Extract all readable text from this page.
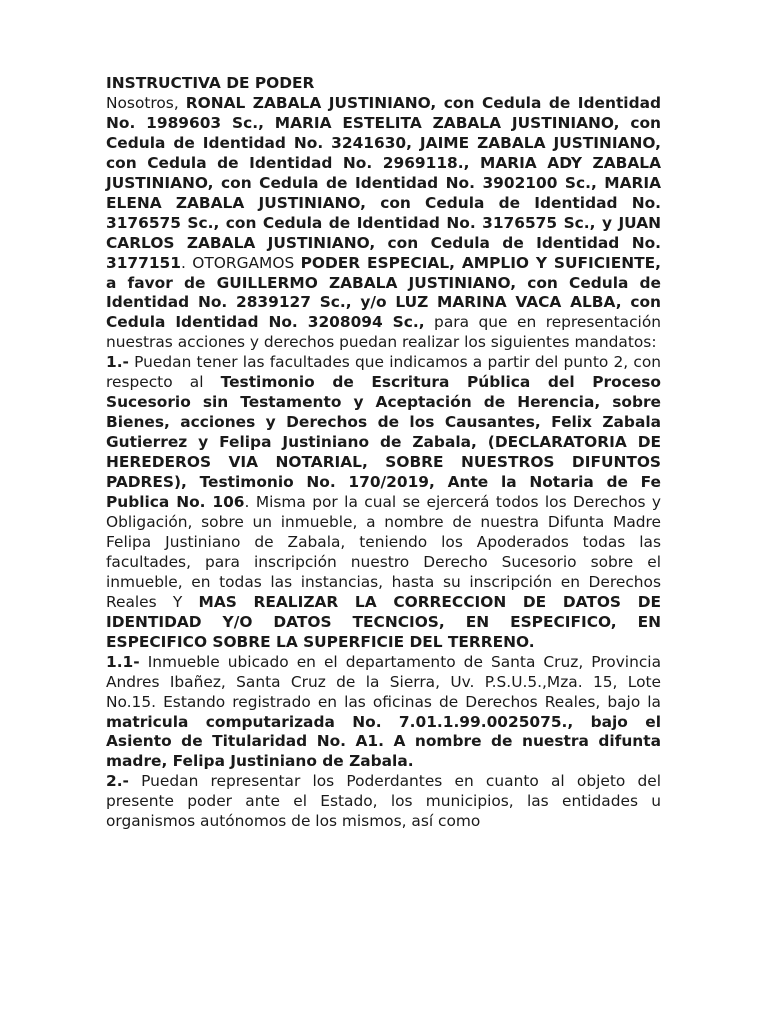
INSTRUCTIVA DE PODER

Nosotros, RONAL ZABALA JUSTINIANO, con Cedula de Identidad No. 1989603 Sc., MARIA ESTELITA ZABALA JUSTINIANO, con Cedula de Identidad No. 3241630, JAIME ZABALA JUSTINIANO, con Cedula de Identidad No. 2969118., MARIA ADY ZABALA JUSTINIANO, con Cedula de Identidad No. 3902100 Sc., MARIA ELENA ZABALA JUSTINIANO, con Cedula de Identidad No. 3176575 Sc., con Cedula de Identidad No. 3176575 Sc., y JUAN CARLOS ZABALA JUSTINIANO, con Cedula de Identidad No. 3177151. OTORGAMOS PODER ESPECIAL, AMPLIO Y SUFICIENTE, a favor de GUILLERMO ZABALA JUSTINIANO, con Cedula de Identidad No. 2839127 Sc., y/o LUZ MARINA VACA ALBA, con Cedula Identidad No. 3208094 Sc., para que en representación nuestras acciones y derechos puedan realizar los siguientes mandatos:

1.- Puedan tener las facultades que indicamos a partir del punto 2, con respecto al Testimonio de Escritura Pública del Proceso Sucesorio sin Testamento y Aceptación de Herencia, sobre Bienes, acciones y Derechos de los Causantes, Felix Zabala Gutierrez y Felipa Justiniano de Zabala, (DECLARATORIA DE HEREDEROS VIA NOTARIAL, SOBRE NUESTROS DIFUNTOS PADRES), Testimonio No. 170/2019, Ante la Notaria de Fe Publica No. 106. Misma por la cual se ejercerá todos los Derechos y Obligación, sobre un inmueble, a nombre de nuestra Difunta Madre Felipa Justiniano de Zabala, teniendo los Apoderados todas las facultades, para inscripción nuestro Derecho Sucesorio sobre el inmueble, en todas las instancias, hasta su inscripción en Derechos Reales Y MAS REALIZAR LA CORRECCION DE DATOS DE IDENTIDAD Y/O DATOS TECNCIOS, EN ESPECIFICO, EN ESPECIFICO SOBRE LA SUPERFICIE DEL TERRENO.

1.1- Inmueble ubicado en el departamento de Santa Cruz, Provincia Andres Ibañez, Santa Cruz de la Sierra, Uv. P.S.U.5.,Mza. 15, Lote No.15. Estando registrado en las oficinas de Derechos Reales, bajo la matricula computarizada No. 7.01.1.99.0025075., bajo el Asiento de Titularidad No. A1. A nombre de nuestra difunta madre, Felipa Justiniano de Zabala.

2.- Puedan representar los Poderdantes en cuanto al objeto del presente poder ante el Estado, los municipios, las entidades u organismos autónomos de los mismos, así como
